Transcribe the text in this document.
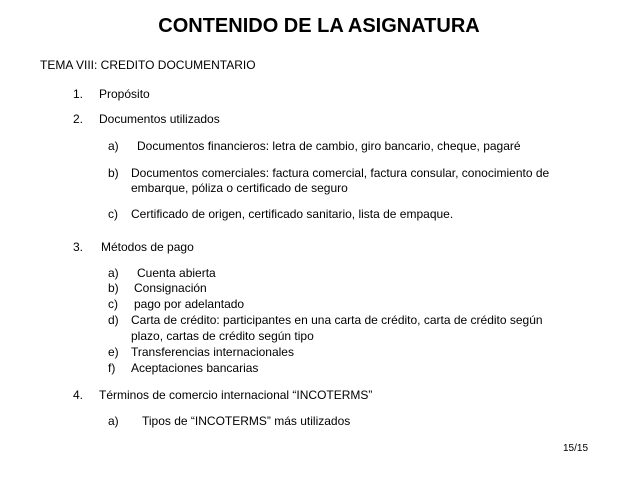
CONTENIDO DE LA ASIGNATURA
TEMA VIII: CREDITO DOCUMENTARIO
1. Propósito
2. Documentos utilizados
a) Documentos financieros: letra de cambio, giro bancario, cheque, pagaré
b) Documentos comerciales: factura comercial, factura consular, conocimiento de
embarque, póliza o certificado de seguro
c) Certificado de origen, certificado sanitario, lista de empaque.
3. Métodos de pago
a) Cuenta abierta
b) Consignación
c) pago por adelantado
d) Carta de crédito: participantes en una carta de crédito, carta de crédito según
plazo, cartas de crédito según tipo
e) Transferencias internacionales
f) Aceptaciones bancarias
4. Términos de comercio internacional “INCOTERMS”
a) Tipos de “INCOTERMS” más utilizados
15/15
